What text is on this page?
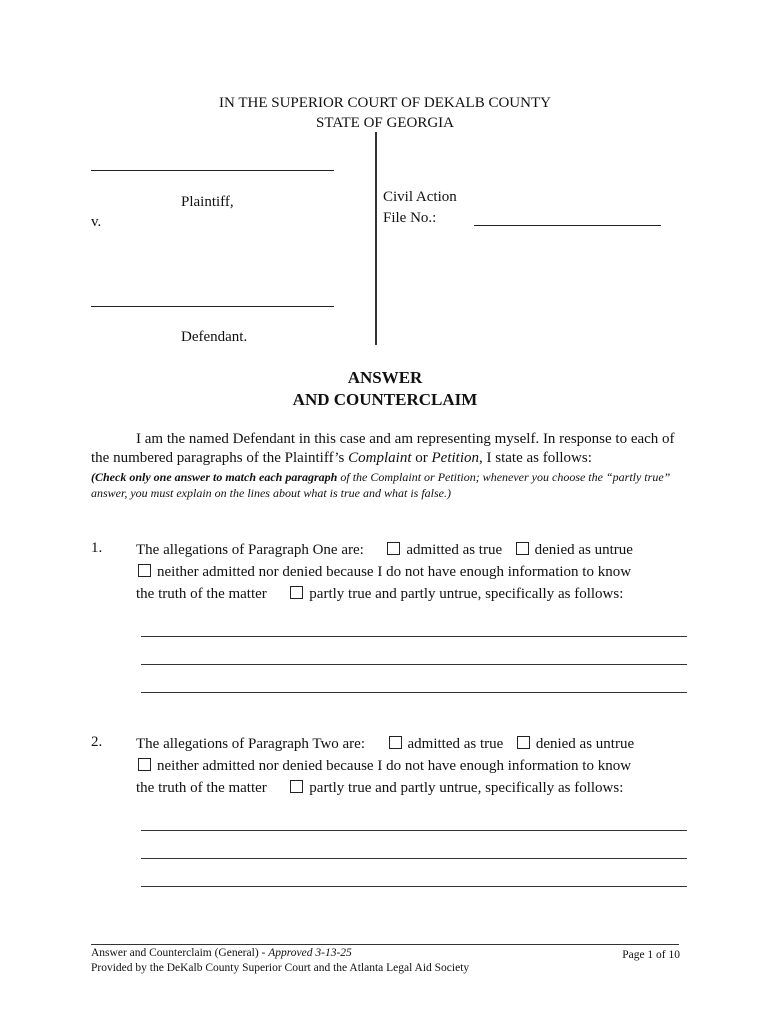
IN THE SUPERIOR COURT OF DEKALB COUNTY
STATE OF GEORGIA
Plaintiff,
v.
Defendant.
Civil Action
File No.:
ANSWER
AND COUNTERCLAIM
I am the named Defendant in this case and am representing myself. In response to each of the numbered paragraphs of the Plaintiff’s Complaint or Petition, I state as follows:
(Check only one answer to match each paragraph of the Complaint or Petition; whenever you choose the “partly true” answer, you must explain on the lines about what is true and what is false.)
1. The allegations of Paragraph One are:	admitted as true denied as untrue
neither admitted nor denied because I do not have enough information to know
the truth of the matter	partly true and partly untrue, specifically as follows:
2. The allegations of Paragraph Two are:	admitted as true denied as untrue
neither admitted nor denied because I do not have enough information to know
the truth of the matter	partly true and partly untrue, specifically as follows:
Answer and Counterclaim (General) - Approved 3-13-25
Provided by the DeKalb County Superior Court and the Atlanta Legal Aid Society
Page 1 of 10
